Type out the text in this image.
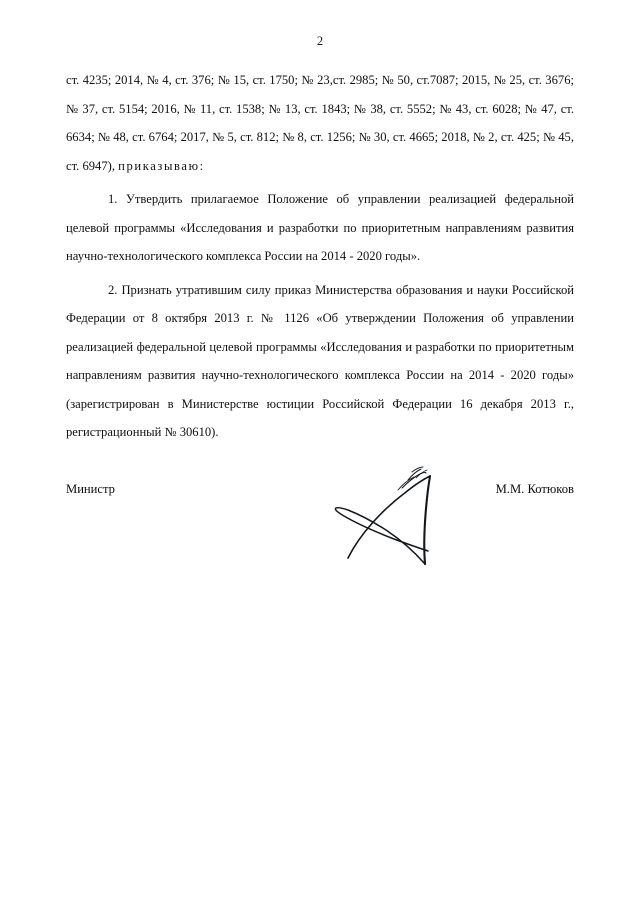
2

ст. 4235; 2014, № 4, ст. 376; № 15, ст. 1750; № 23,ст. 2985; № 50, ст.7087; 2015, № 25, ст. 3676; № 37, ст. 5154; 2016, № 11, ст. 1538; № 13, ст. 1843; № 38, ст. 5552; № 43, ст. 6028; № 47, ст. 6634; № 48, ст. 6764; 2017, № 5, ст. 812; № 8, ст. 1256; № 30, ст. 4665; 2018, № 2, ст. 425; № 45, ст. 6947), приказываю:

1. Утвердить прилагаемое Положение об управлении реализацией федеральной целевой программы «Исследования и разработки по приоритетным направлениям развития научно-технологического комплекса России на 2014 - 2020 годы».

2. Признать утратившим силу приказ Министерства образования и науки Российской Федерации от 8 октября 2013 г. № 1126 «Об утверждении Положения об управлении реализацией федеральной целевой программы «Исследования и разработки по приоритетным направлениям развития научно-технологического комплекса России на 2014 - 2020 годы» (зарегистрирован в Министерстве юстиции Российской Федерации 16 декабря 2013 г., регистрационный № 30610).

Министр	М.М. Котюков
